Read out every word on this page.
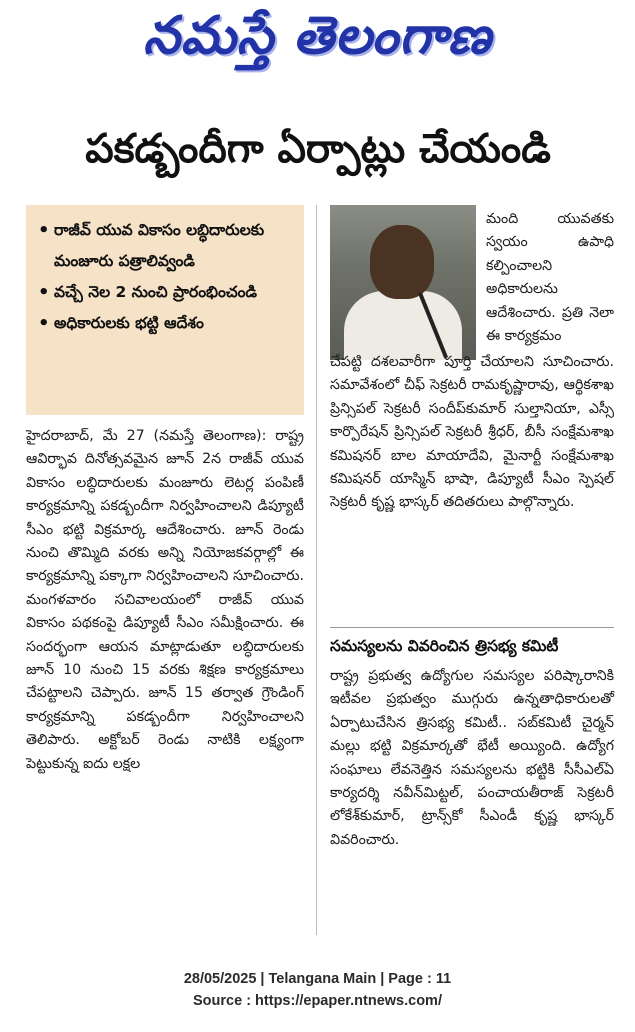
నమస్తే తెలంగాణ
పకడ్బందీగా ఏర్పాట్లు చేయండి
• రాజీవ్ యువ వికాసం లబ్ధిదారులకు మంజూరు పత్రాలివ్వండి
• వచ్చే నెల 2 నుంచి ప్రారంభించండి
• అధికారులకు భట్టి ఆదేశం

హైదరాబాద్, మే 27 (నమస్తే తెలంగాణ): రాష్ట్ర ఆవిర్భావ దినోత్సవమైన జూన్ 2న రాజీవ్ యువ వికాసం లబ్ధిదారులకు మంజూరు లెటర్ల పంపిణీ కార్యక్రమాన్ని పకడ్బందీగా నిర్వహించాలని డిప్యూటీ సీఎం భట్టి విక్రమార్క ఆదేశించారు. జూన్ రెండు నుంచి తొమ్మిది వరకు అన్ని నియోజకవర్గాల్లో ఈ కార్యక్రమాన్ని పక్కాగా నిర్వహించాలని సూచించారు. మంగళవారం సచివాలయంలో రాజీవ్ యువ వికాసం పథకంపై డిప్యూటీ సీఎం సమీక్షించారు. ఈ సందర్భంగా ఆయన మాట్లాడుతూ లబ్ధిదారులకు జూన్ 10 నుంచి 15 వరకు శిక్షణ కార్యక్రమాలు చేపట్టాలని చెప్పారు. జూన్ 15 తర్వాత గ్రౌండింగ్ కార్యక్రమాన్ని పకడ్బందీగా నిర్వహించాలని తెలిపారు. అక్టోబర్ రెండు నాటికి లక్ష్యంగా పెట్టుకున్న ఐదు లక్షల

మంది యువతకు స్వయం ఉపాధి కల్పించాలని అధికారులను ఆదేశించారు. ప్రతి నెలా ఈ కార్యక్రమం

చేపట్టి దశలవారీగా పూర్తి చేయాలని సూచించారు. సమావేశంలో చీఫ్ సెక్రటరీ రామకృష్ణారావు, ఆర్థికశాఖ ప్రిన్సిపల్ సెక్రటరీ సందీప్‌కుమార్ సుల్తానియా, ఎస్సీ కార్పొరేషన్ ప్రిన్సిపల్ సెక్రటరీ శ్రీధర్, బీసీ సంక్షేమశాఖ కమిషనర్ బాల మాయాదేవి, మైనార్టీ సంక్షేమశాఖ కమిషనర్ యాస్మిన్ భాషా, డిప్యూటీ సీఎం స్పెషల్ సెక్రటరీ కృష్ణ భాస్కర్ తదితరులు పాల్గొన్నారు.

సమస్యలను వివరించిన త్రిసభ్య కమిటీ

రాష్ట్ర ప్రభుత్వ ఉద్యోగుల సమస్యల పరిష్కారానికి ఇటీవల ప్రభుత్వం ముగ్గురు ఉన్నతాధికారులతో ఏర్పాటుచేసిన త్రిసభ్య కమిటీ.. సబ్‌కమిటీ చైర్మన్ మల్లు భట్టి విక్రమార్కతో భేటీ అయ్యింది. ఉద్యోగ సంఘాలు లేవనెత్తిన సమస్యలను భట్టికి సీసీఎల్ఏ కార్యదర్శి నవీన్‌మిట్టల్, పంచాయతీరాజ్ సెక్రటరీ లోకేశ్‌కుమార్, ట్రాన్స్‌కో సీఎండీ కృష్ణ భాస్కర్ వివరించారు.

28/05/2025 | Telangana Main | Page : 11
Source : https://epaper.ntnews.com/
